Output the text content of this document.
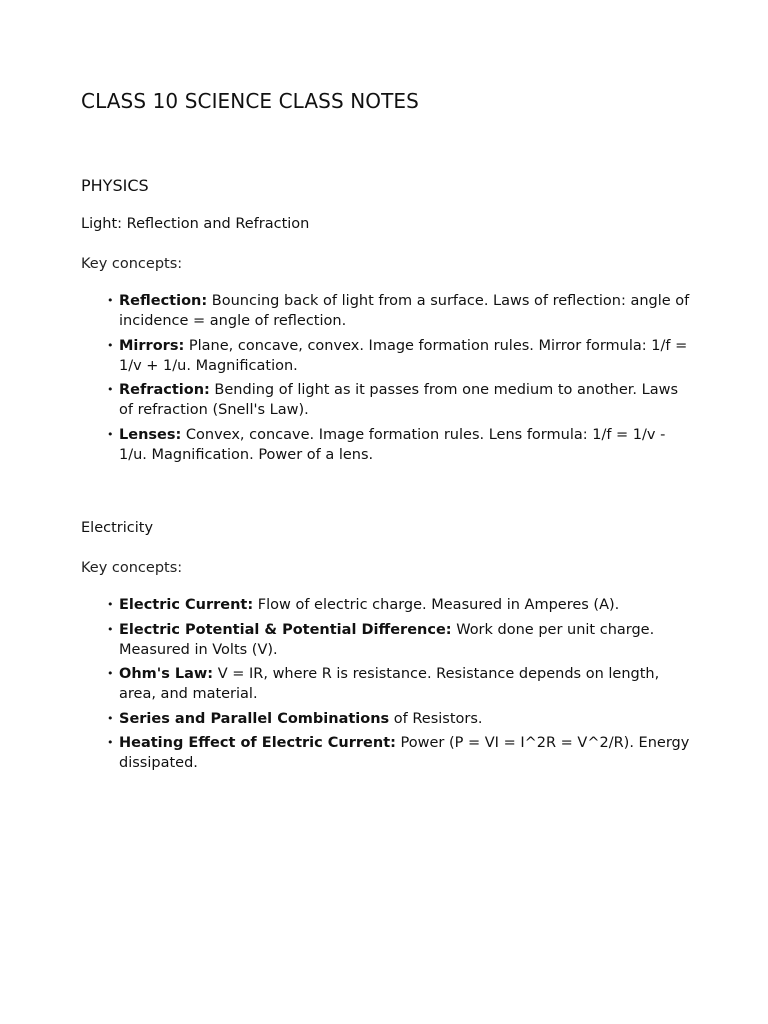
CLASS 10 SCIENCE CLASS NOTES
PHYSICS
Light: Reflection and Refraction

Key concepts:

• Reflection: Bouncing back of light from a surface. Laws of reflection: angle of incidence = angle of reflection.
• Mirrors: Plane, concave, convex. Image formation rules. Mirror formula: 1/f = 1/v + 1/u. Magnification.
• Refraction: Bending of light as it passes from one medium to another. Laws of refraction (Snell's Law).
• Lenses: Convex, concave. Image formation rules. Lens formula: 1/f = 1/v - 1/u. Magnification. Power of a lens.
Electricity

Key concepts:

• Electric Current: Flow of electric charge. Measured in Amperes (A).
• Electric Potential & Potential Difference: Work done per unit charge. Measured in Volts (V).
• Ohm's Law: V = IR, where R is resistance. Resistance depends on length, area, and material.
• Series and Parallel Combinations of Resistors.
• Heating Effect of Electric Current: Power (P = VI = I^2R = V^2/R). Energy dissipated.
